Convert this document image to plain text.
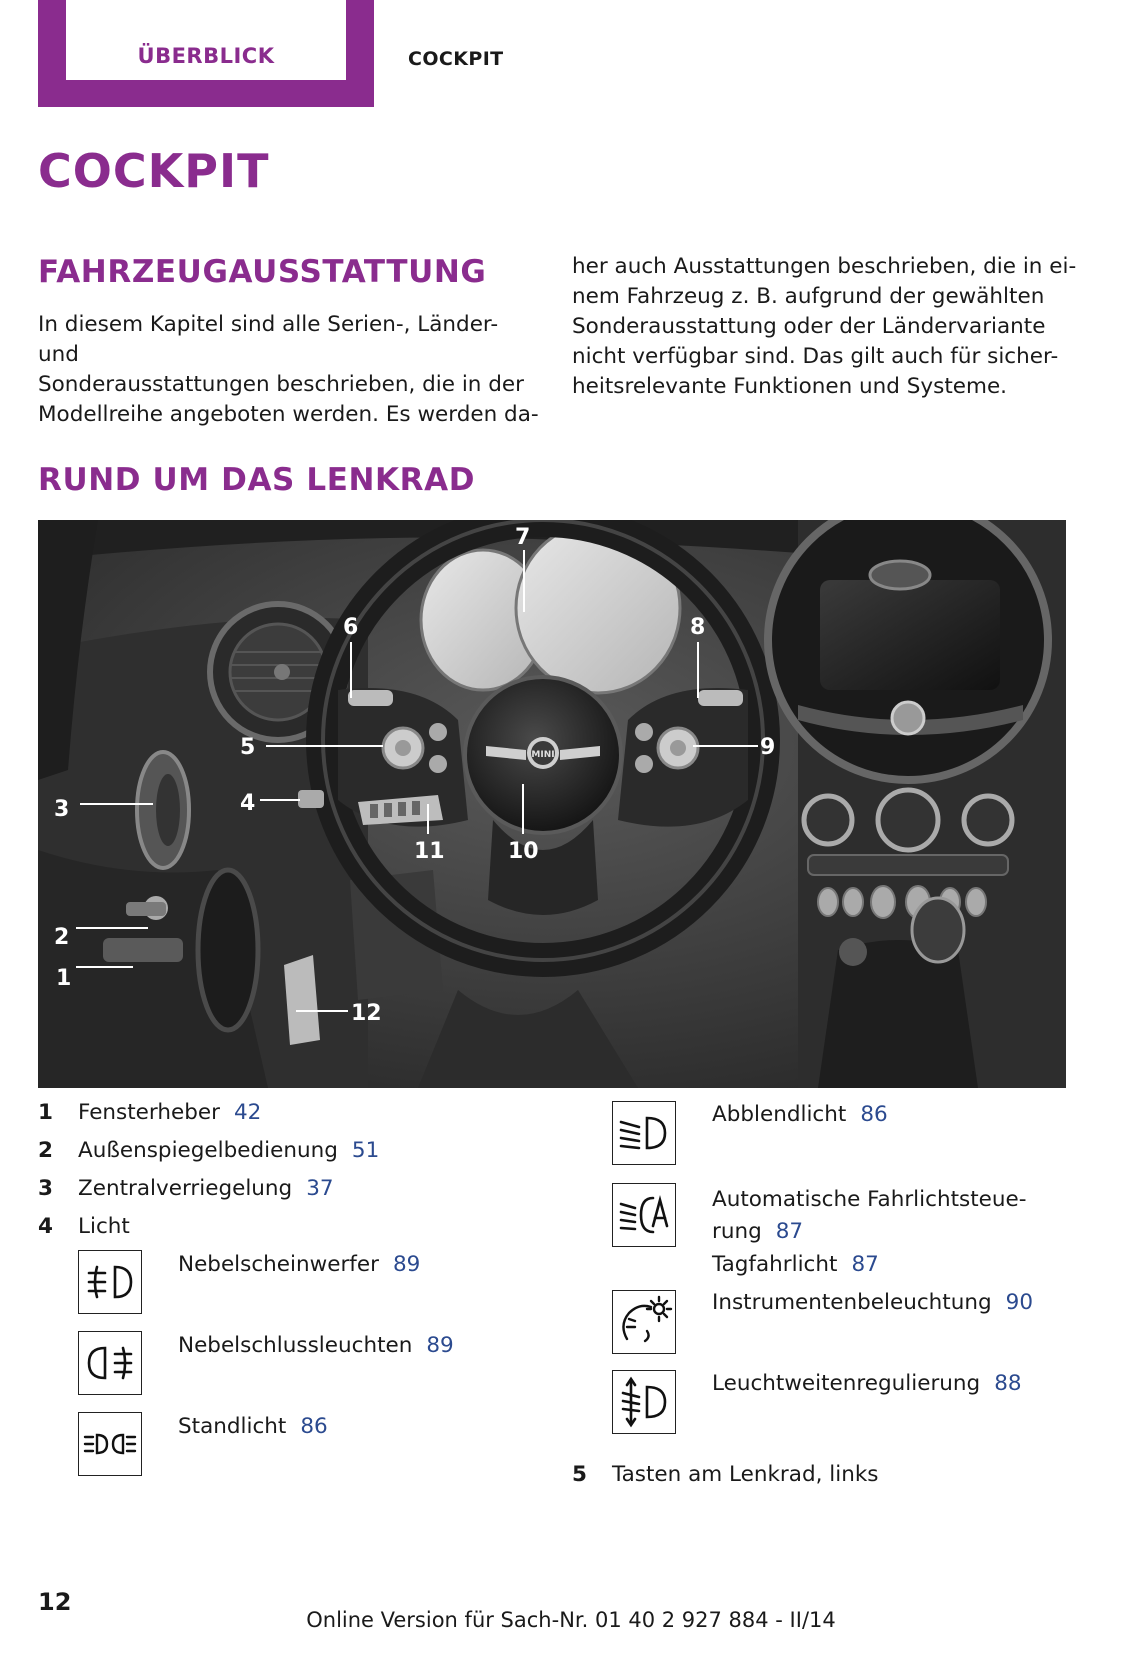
ÜBERBLICK	COCKPIT
COCKPIT
FAHRZEUGAUSSTATTUNG
In diesem Kapitel sind alle Serien-, Länder- und
Sonderausstattungen beschrieben, die in der
Modellreihe angeboten werden. Es werden da-
her auch Ausstattungen beschrieben, die in ei-
nem Fahrzeug z. B. aufgrund der gewählten
Sonderausstattung oder der Ländervariante
nicht verfügbar sind. Das gilt auch für sicher-
heitsrelevante Funktionen und Systeme.
RUND UM DAS LENKRAD
MINI
1
2
3	4
5
6
7
8
9
10
11
12
1 Fensterheber 42
2 Außenspiegelbedienung 51
3 Zentralverriegelung 37
4 Licht
Nebelscheinwerfer 89
Nebelschlussleuchten 89
Standlicht 86
Abblendlicht 86
Automatische Fahrlichtsteue-
rung 87
Tagfahrlicht 87
Instrumentenbeleuchtung 90
Leuchtweitenregulierung 88
5 Tasten am Lenkrad, links
12
Online Version für Sach-Nr. 01 40 2 927 884 - II/14
